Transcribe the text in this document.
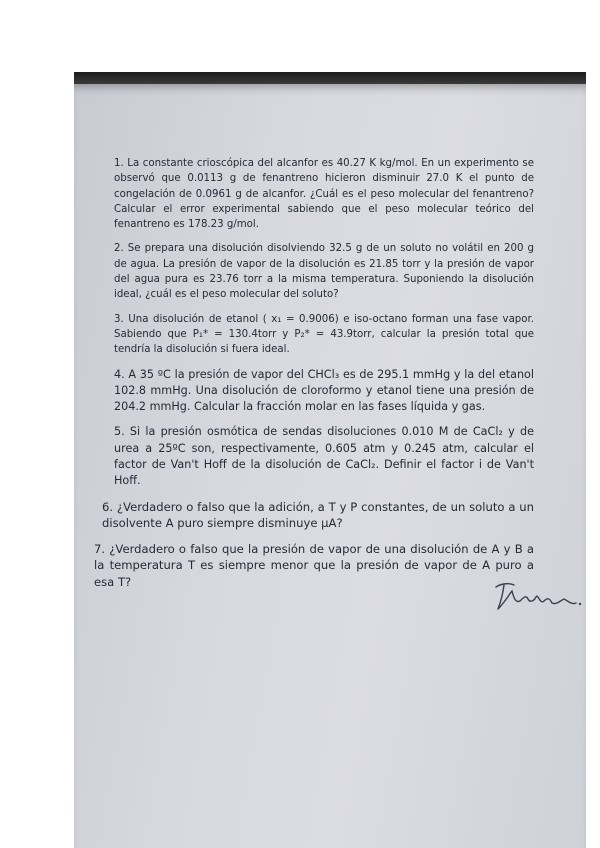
1. La constante crioscópica del alcanfor es 40.27 K kg/mol. En un experimento se observó que 0.0113 g de fenantreno hicieron disminuir 27.0 K el punto de congelación de 0.0961 g de alcanfor. ¿Cuál es el peso molecular del fenantreno? Calcular el error experimental sabiendo que el peso molecular teórico del fenantreno es 178.23 g/mol.

2. Se prepara una disolución disolviendo 32.5 g de un soluto no volátil en 200 g de agua. La presión de vapor de la disolución es 21.85 torr y la presión de vapor del agua pura es 23.76 torr a la misma temperatura. Suponiendo la disolución ideal, ¿cuál es el peso molecular del soluto?

3. Una disolución de etanol ( x₁ = 0.9006) e iso-octano forman una fase vapor. Sabiendo que P₁* = 130.4torr y P₂* = 43.9torr, calcular la presión total que tendría la disolución si fuera ideal.

4. A 35 ºC la presión de vapor del CHCl₃ es de 295.1 mmHg y la del etanol 102.8 mmHg. Una disolución de cloroformo y etanol tiene una presión de 204.2 mmHg. Calcular la fracción molar en las fases líquida y gas.

5. Si la presión osmótica de sendas disoluciones 0.010 M de CaCl₂ y de urea a 25ºC son, respectivamente, 0.605 atm y 0.245 atm, calcular el factor de Van't Hoff de la disolución de CaCl₂. Definir el factor i de Van't Hoff.

6. ¿Verdadero o falso que la adición, a T y P constantes, de un soluto a un disolvente A puro siempre disminuye μA?

7. ¿Verdadero o falso que la presión de vapor de una disolución de A y B a la temperatura T es siempre menor que la presión de vapor de A puro a esa T?
